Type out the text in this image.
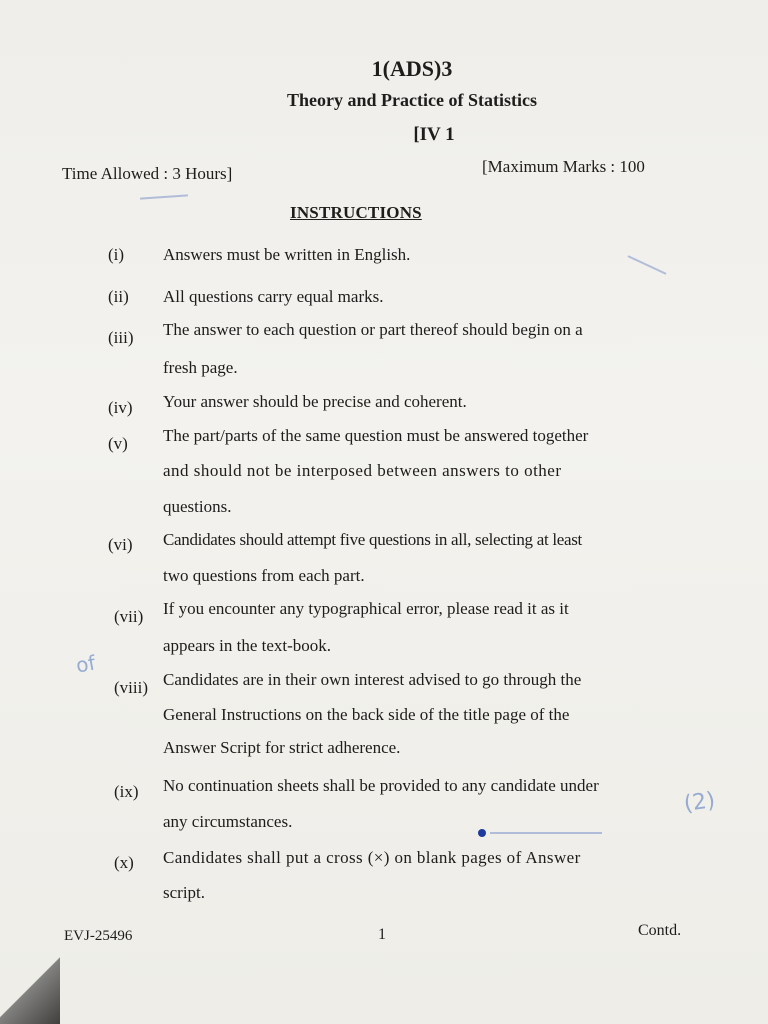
1(ADS)3
Theory and Practice of Statistics
[IV 1
Time Allowed : 3 Hours]	[Maximum Marks : 100
INSTRUCTIONS
(i) Answers must be written in English.
(ii) All questions carry equal marks.
(iii) The answer to each question or part thereof should begin on a
fresh page.
(iv) Your answer should be precise and coherent.
(v) The part/parts of the same question must be answered together
and should not be interposed between answers to other
questions.
(vi) Candidates should attempt five questions in all, selecting at least
two questions from each part.
(vii) If you encounter any typographical error, please read it as it
appears in the text-book.
(viii) Candidates are in their own interest advised to go through the
General Instructions on the back side of the title page of the
Answer Script for strict adherence.
(ix) No continuation sheets shall be provided to any candidate under
any circumstances.
(x) Candidates shall put a cross (×) on blank pages of Answer
script.
EVJ-25496	1	Contd.
of
(2)
